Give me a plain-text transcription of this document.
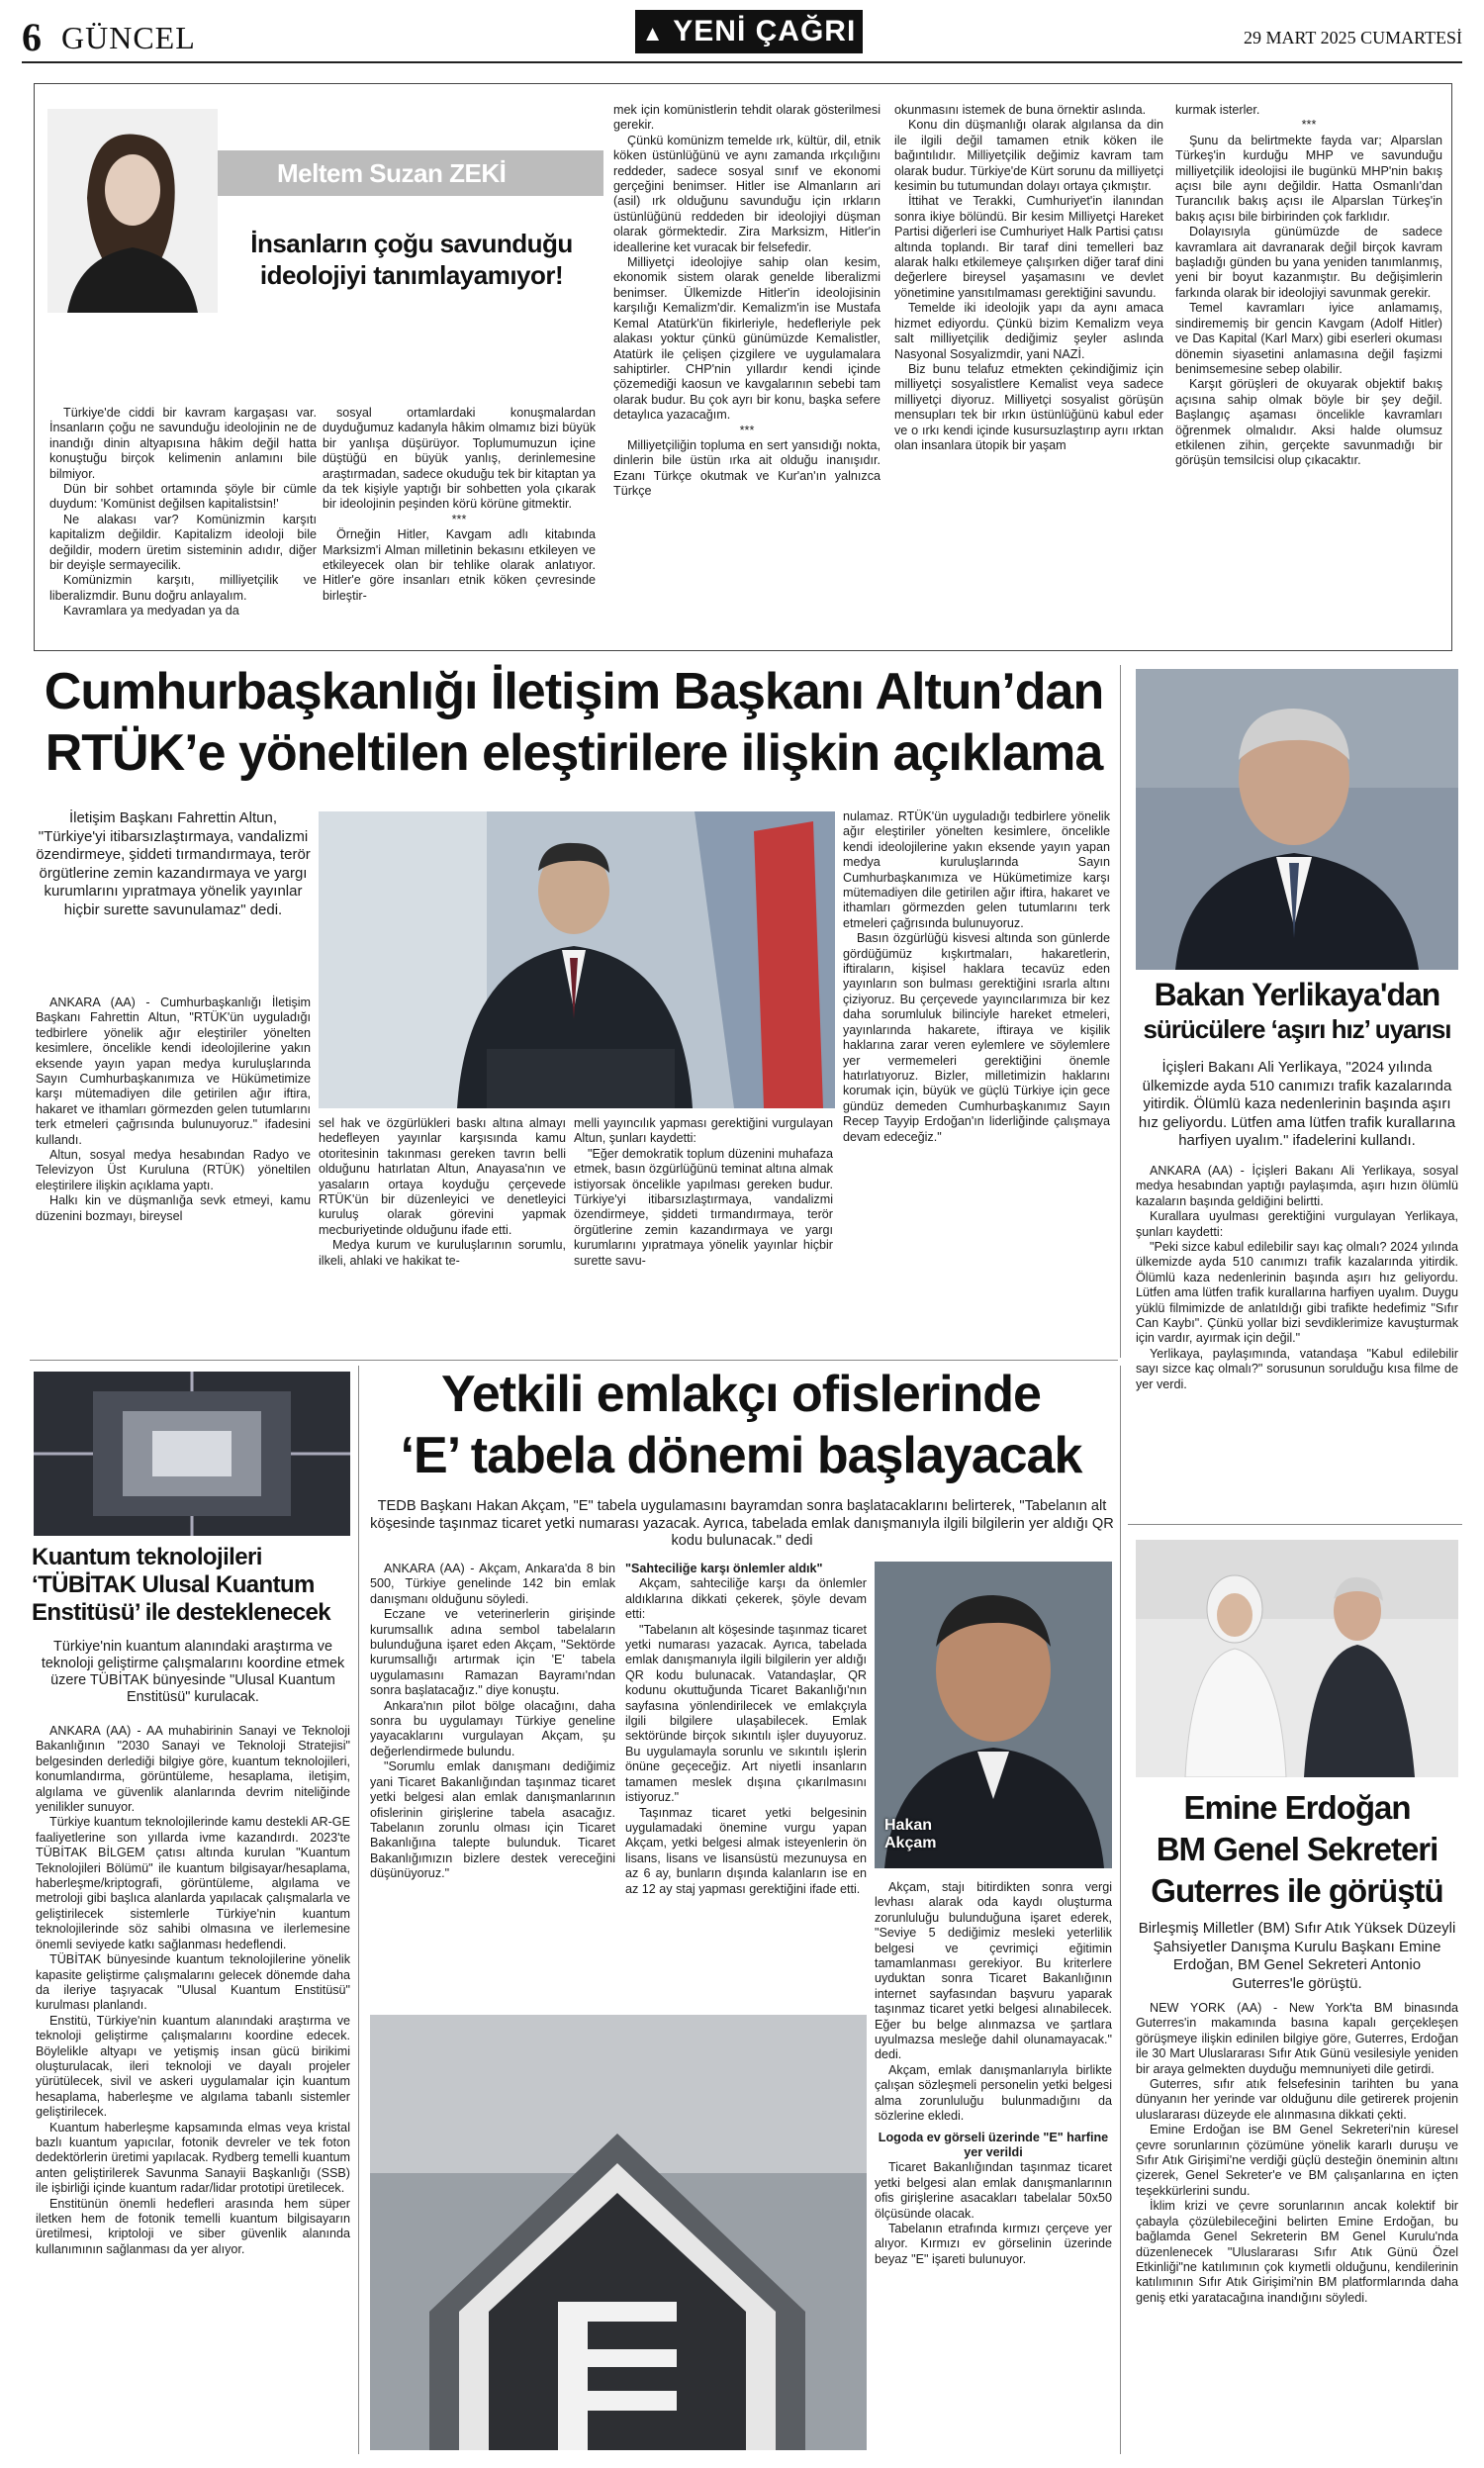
6 GÜNCEL	▲ YENİ ÇAĞRI	29 MART 2025 CUMARTESİ
Meltem Suzan ZEKİ
İnsanların çoğu savunduğu ideolojiyi tanımlayamıyor!

Türkiye'de ciddi bir kavram kargaşası var. İnsanların çoğu ne savunduğu ideolojinin ne de inandığı dinin altyapısına hâkim değil hatta konuştuğu birçok kelimenin anlamını bile bilmiyor.

Dün bir sohbet ortamında şöyle bir cümle duydum: 'Komünist değilsen kapitalistsin!'

Ne alakası var? Komünizmin karşıtı kapitalizm değildir. Kapitalizm ideoloji bile değildir, modern üretim sisteminin adıdır, diğer bir deyişle sermayecilik.

Komünizmin karşıtı, milliyetçilik ve liberalizmdir. Bunu doğru anlayalım.

Kavramlara ya medyadan ya da

sosyal ortamlardaki konuşmalardan duyduğumuz kadanyla hâkim olmamız bizi büyük bir yanlışa düşürüyor. Toplumumuzun içine düştüğü en büyük yanlış, derinlemesine araştırmadan, sadece okuduğu tek bir kitaptan ya da tek kişiyle yaptığı bir sohbetten yola çıkarak bir ideolojinin peşinden körü körüne gitmektir.

***

Örneğin Hitler, Kavgam adlı kitabında Marksizm'i Alman milletinin bekasını etkileyen ve etkileyecek olan bir tehlike olarak anlatıyor. Hitler'e göre insanları etnik köken çevresinde birleştir-

mek için komünistlerin tehdit olarak gösterilmesi gerekir.

Çünkü komünizm temelde ırk, kültür, dil, etnik köken üstünlüğünü ve aynı zamanda ırkçılığını reddeder, sadece sosyal sınıf ve ekonomi gerçeğini benimser. Hitler ise Almanların ari (asil) ırk olduğunu savunduğu için ırkların üstünlüğünü reddeden bir ideolojiyi düşman olarak görmektedir. Zira Marksizm, Hitler'in ideallerine ket vuracak bir felsefedir.

Milliyetçi ideolojiye sahip olan kesim, ekonomik sistem olarak genelde liberalizmi benimser. Ülkemizde Hitler'in ideolojisinin karşılığı Kemalizm'dir. Kemalizm'in ise Mustafa Kemal Atatürk'ün fikirleriyle, hedefleriyle pek alakası yoktur çünkü günümüzde Kemalistler, Atatürk ile çelişen çizgilere ve uygulamalara sahiptirler. CHP'nin yıllardır kendi içinde çözemediği kaosun ve kavgalarının sebebi tam olarak budur. Bu çok ayrı bir konu, başka sefere detaylıca yazacağım.

***

Milliyetçiliğin topluma en sert yansıdığı nokta, dinlerin bile üstün ırka ait olduğu inanışıdır. Ezanı Türkçe okutmak ve Kur'an'ın yalnızca Türkçe

okunmasını istemek de buna örnektir aslında.

Konu din düşmanlığı olarak algılansa da din ile ilgili değil tamamen etnik köken ile bağıntılıdır. Milliyetçilik değimiz kavram tam olarak budur. Türkiye'de Kürt sorunu da milliyetçi kesimin bu tutumundan dolayı ortaya çıkmıştır.

İttihat ve Terakki, Cumhuriyet'in ilanından sonra ikiye bölündü. Bir kesim Milliyetçi Hareket Partisi diğerleri ise Cumhuriyet Halk Partisi çatısı altında toplandı. Bir taraf dini temelleri baz alarak halkı etkilemeye çalışırken diğer taraf dini değerlere bireysel yaşamasını ve devlet yönetimine yansıtılmaması gerektiğini savundu.

Temelde iki ideolojik yapı da aynı amaca hizmet ediyordu. Çünkü bizim Kemalizm veya salt milliyetçilik dediğimiz şeyler aslında Nasyonal Sosyalizmdir, yani NAZİ.

Biz bunu telafuz etmekten çekindiğimiz için milliyetçi sosyalistlere Kemalist veya sadece milliyetçi diyoruz. Milliyetçi sosyalist görüşün mensupları tek bir ırkın üstünlüğünü kabul eder ve o ırkı kendi içinde kusursuzlaştırıp ayrıı ırktan olan insanlara ütopik bir yaşam

kurmak isterler.

***

Şunu da belirtmekte fayda var; Alparslan Türkeş'in kurduğu MHP ve savunduğu milliyetçilik ideolojisi ile bugünkü MHP'nin bakış açısı bile aynı değildir. Hatta Osmanlı'dan Turancılık bakış açısı ile Alparslan Türkeş'in bakış açısı bile birbirinden çok farklıdır.

Dolayısıyla günümüzde de sadece kavramlara ait davranarak değil birçok kavram başladığı günden bu yana yeniden tanımlanmış, yeni bir boyut kazanmıştır. Bu değişimlerin farkında olarak bir ideolojiyi savunmak gerekir.

Temel kavramları iyice anlamamış, sindirememiş bir gencin Kavgam (Adolf Hitler) ve Das Kapital (Karl Marx) gibi eserleri okuması dönemin siyasetini anlamasına değil faşizmi benimsemesine sebep olabilir.

Karşıt görüşleri de okuyarak objektif bakış açısına sahip olmak böyle bir şey değil. Başlangıç aşaması öncelikle kavramları öğrenmek olmalıdır. Aksi halde olumsuz etkilenen zihin, gerçekte savunmadığı bir görüşün temsilcisi olup çıkacaktır.

Cumhurbaşkanlığı İletişim Başkanı Altun’dan
RTÜK’e yöneltilen eleştirilere ilişkin açıklama
İletişim Başkanı Fahrettin Altun, "Türkiye'yi itibarsızlaştırmaya, vandalizmi özendirmeye, şiddeti tırmandırmaya, terör örgütlerine zemin kazandırmaya ve yargı kurumlarını yıpratmaya yönelik yayınlar hiçbir surette savunulamaz" dedi.

ANKARA (AA) - Cumhurbaşkanlığı İletişim Başkanı Fahrettin Altun, "RTÜK'ün uyguladığı tedbirlere yönelik ağır eleştiriler yönelten kesimlere, öncelikle kendi ideolojilerine yakın eksende yayın yapan medya kuruluşlarında Sayın Cumhurbaşkanımıza ve Hükümetimize karşı mütemadiyen dile getirilen ağır iftira, hakaret ve ithamları görmezden gelen tutumlarını terk etmeleri çağrısında bulunuyoruz." ifadesini kullandı.

Altun, sosyal medya hesabından Radyo ve Televizyon Üst Kuruluna (RTÜK) yöneltilen eleştirilere ilişkin açıklama yaptı.

Halkı kin ve düşmanlığa sevk etmeyi, kamu düzenini bozmayı, bireysel

sel hak ve özgürlükleri baskı altına almayı hedefleyen yayınlar karşısında kamu otoritesinin takınması gereken tavrın belli olduğunu hatırlatan Altun, Anayasa'nın ve yasaların ortaya koyduğu çerçevede RTÜK'ün bir düzenleyici ve denetleyici kuruluş olarak görevini yapmak mecburiyetinde olduğunu ifade etti.

Medya kurum ve kuruluşlarının sorumlu, ilkeli, ahlaki ve hakikat te-

melli yayıncılık yapması gerektiğini vurgulayan Altun, şunları kaydetti:

"Eğer demokratik toplum düzenini muhafaza etmek, basın özgürlüğünü teminat altına almak istiyorsak öncelikle yapılması gereken budur. Türkiye'yi itibarsızlaştırmaya, vandalizmi özendirmeye, şiddeti tırmandırmaya, terör örgütlerine zemin kazandırmaya ve yargı kurumlarını yıpratmaya yönelik yayınlar hiçbir surette savu-

nulamaz. RTÜK'ün uyguladığı tedbirlere yönelik ağır eleştiriler yönelten kesimlere, öncelikle kendi ideolojilerine yakın eksende yayın yapan medya kuruluşlarında Sayın Cumhurbaşkanımıza ve Hükümetimize karşı mütemadiyen dile getirilen ağır iftira, hakaret ve ithamları görmezden gelen tutumlarını terk etmeleri çağrısında bulunuyoruz.

Basın özgürlüğü kisvesi altında son günlerde gördüğümüz kışkırtmaları, hakaretlerin, iftiraların, kişisel haklara tecavüz eden yayınların son bulması gerektiğini ısrarla altını çiziyoruz. Bu çerçevede yayıncılarımıza bir kez daha sorumluluk bilinciyle hareket etmeleri, yayınlarında hakarete, iftiraya ve kişilik haklarına zarar veren eylemlere ve söylemlere yer vermemeleri gerektiğini önemle hatırlatıyoruz. Bizler, milletimizin haklarını korumak için, büyük ve güçlü Türkiye için gece gündüz demeden Cumhurbaşkanımız Sayın Recep Tayyip Erdoğan'ın liderliğinde çalışmaya devam edeceğiz."

Bakan Yerlikaya'dan
sürücülere ‘aşırı hız’ uyarısı
İçişleri Bakanı Ali Yerlikaya, "2024 yılında ülkemizde ayda 510 canımızı trafik kazalarında yitirdik. Ölümlü kaza nedenlerinin başında aşırı hız geliyordu. Lütfen ama lütfen trafik kurallarına harfiyen uyalım." ifadelerini kullandı.

ANKARA (AA) - İçişleri Bakanı Ali Yerlikaya, sosyal medya hesabından yaptığı paylaşımda, aşırı hızın ölümlü kazaların başında geldiğini belirtti.

Kurallara uyulması gerektiğini vurgulayan Yerlikaya, şunları kaydetti:

"Peki sizce kabul edilebilir sayı kaç olmalı? 2024 yılında ülkemizde ayda 510 canımızı trafik kazalarında yitirdik. Ölümlü kaza nedenlerinin başında aşırı hız geliyordu. Lütfen ama lütfen trafik kurallarına harfiyen uyalım. Duygu yüklü filmimizde de anlatıldığı gibi trafikte hedefimiz "Sıfır Can Kaybı". Çünkü yollar bizi sevdiklerimize kavuşturmak için vardır, ayırmak için değil."

Yerlikaya, paylaşımında, vatandaşa "Kabul edilebilir sayı sizce kaç olmalı?" sorusunun sorulduğu kısa filme de yer verdi.

Kuantum teknolojileri
‘TÜBİTAK Ulusal Kuantum
Enstitüsü’ ile desteklenecek
Türkiye'nin kuantum alanındaki araştırma ve teknoloji geliştirme çalışmalarını koordine etmek üzere TÜBİTAK bünyesinde "Ulusal Kuantum Enstitüsü" kurulacak.

ANKARA (AA) - AA muhabirinin Sanayi ve Teknoloji Bakanlığının "2030 Sanayi ve Teknoloji Stratejisi" belgesinden derlediği bilgiye göre, kuantum teknolojileri, konumlandırma, görüntüleme, hesaplama, iletişim, algılama ve güvenlik alanlarında devrim niteliğinde yenilikler sunuyor.

Türkiye kuantum teknolojilerinde kamu destekli AR-GE faaliyetlerine son yıllarda ivme kazandırdı. 2023'te TÜBİTAK BİLGEM çatısı altında kurulan "Kuantum Teknolojileri Bölümü" ile kuantum bilgisayar/hesaplama, haberleşme/kriptografi, görüntüleme, algılama ve metroloji gibi başlıca alanlarda yapılacak çalışmalarla ve geliştirilecek sistemlerle Türkiye'nin kuantum teknolojilerinde söz sahibi olmasına ve ilerlemesine önemli seviyede katkı sağlanması hedeflendi.

TÜBİTAK bünyesinde kuantum teknolojilerine yönelik kapasite geliştirme çalışmalarını gelecek dönemde daha da ileriye taşıyacak "Ulusal Kuantum Enstitüsü" kurulması planlandı.

Enstitü, Türkiye'nin kuantum alanındaki araştırma ve teknoloji geliştirme çalışmalarını koordine edecek. Böylelikle altyapı ve yetişmiş insan gücü birikimi oluşturulacak, ileri teknoloji ve dayalı projeler yürütülecek, sivil ve askeri uygulamalar için kuantum hesaplama, haberleşme ve algılama tabanlı sistemler geliştirilecek.

Kuantum haberleşme kapsamında elmas veya kristal bazlı kuantum yapıcılar, fotonik devreler ve tek foton dedektörlerin üretimi yapılacak. Rydberg temelli kuantum anten geliştirilerek Savunma Sanayii Başkanlığı (SSB) ile işbirliği içinde kuantum radar/lidar prototipi üretilecek.

Enstitünün önemli hedefleri arasında hem süper iletken hem de fotonik temelli kuantum bilgisayarın üretilmesi, kriptoloji ve siber güvenlik alanında kullanımının sağlanması da yer alıyor.

Yetkili emlakçı ofislerinde
‘E’ tabela dönemi başlayacak
TEDB Başkanı Hakan Akçam, "E" tabela uygulamasını bayramdan sonra başlatacaklarını belirterek, "Tabelanın alt köşesinde taşınmaz ticaret yetki numarası yazacak. Ayrıca, tabelada emlak danışmanıyla ilgili bilgilerin yer aldığı QR kodu bulunacak." dedi

ANKARA (AA) - Akçam, Ankara'da 8 bin 500, Türkiye genelinde 142 bin emlak danışmanı olduğunu söyledi.

Eczane ve veterinerlerin girişinde kurumsallık adına sembol tabelaların bulunduğuna işaret eden Akçam, "Sektörde kurumsallığı artırmak için 'E' tabela uygulamasını Ramazan Bayramı'ndan sonra başlatacağız." diye konuştu.

Ankara'nın pilot bölge olacağını, daha sonra bu uygulamayı Türkiye geneline yayacaklarını vurgulayan Akçam, şu değerlendirmede bulundu.

"Sorumlu emlak danışmanı dediğimiz yani Ticaret Bakanlığından taşınmaz ticaret yetki belgesi alan emlak danışmanlarının ofislerinin girişlerine tabela asacağız. Tabelanın zorunlu olması için Ticaret Bakanlığına talepte bulunduk. Ticaret Bakanlığımızın bizlere destek vereceğini düşünüyoruz."

"Sahteciliğe karşı önlemler aldık"

Akçam, sahteciliğe karşı da önlemler aldıklarına dikkati çekerek, şöyle devam etti:

"Tabelanın alt köşesinde taşınmaz ticaret yetki numarası yazacak. Ayrıca, tabelada emlak danışmanıyla ilgili bilgilerin yer aldığı QR kodu bulunacak. Vatandaşlar, QR kodunu okuttuğunda Ticaret Bakanlığı'nın sayfasına yönlendirilecek ve emlakçıyla ilgili bilgilere ulaşabilecek. Emlak sektöründe birçok sıkıntılı işler duyuyoruz. Bu uygulamayla sorunlu ve sıkıntılı işlerin önüne geçeceğiz. Art niyetli insanların tamamen meslek dışına çıkarılmasını istiyoruz."

Taşınmaz ticaret yetki belgesinin uygulamadaki önemine vurgu yapan Akçam, yetki belgesi almak isteyenlerin ön lisans, lisans ve lisansüstü mezunuysa en az 6 ay, bunların dışında kalanların ise en az 12 ay staj yapması gerektiğini ifade etti.

Hakan Akçam

Akçam, stajı bitirdikten sonra vergi levhası alarak oda kaydı oluşturma zorunluluğu bulunduğuna işaret ederek, "Seviye 5 dediğimiz mesleki yeterlilik belgesi ve çevrimiçi eğitimin tamamlanması gerekiyor. Bu kriterlere uyduktan sonra Ticaret Bakanlığının internet sayfasından başvuru yaparak taşınmaz ticaret yetki belgesi alınabilecek. Eğer bu belge alınmazsa ve şartlara uyulmazsa mesleğe dahil olunamayacak." dedi.

Akçam, emlak danışmanlarıyla birlikte çalışan sözleşmeli personelin yetki belgesi alma zorunluluğu bulunmadığını da sözlerine ekledi.

Logoda ev görseli üzerinde "E" harfine yer verildi

Ticaret Bakanlığından taşınmaz ticaret yetki belgesi alan emlak danışmanlarının ofis girişlerine asacakları tabelalar 50x50 ölçüsünde olacak.

Tabelanın etrafında kırmızı çerçeve yer alıyor. Kırmızı ev görselinin üzerinde beyaz "E" işareti bulunuyor.

Emine Erdoğan
BM Genel Sekreteri
Guterres ile görüştü
Birleşmiş Milletler (BM) Sıfır Atık Yüksek Düzeyli Şahsiyetler Danışma Kurulu Başkanı Emine Erdoğan, BM Genel Sekreteri Antonio Guterres'le görüştü.

NEW YORK (AA) - New York'ta BM binasında Guterres'in makamında basına kapalı gerçekleşen görüşmeye ilişkin edinilen bilgiye göre, Guterres, Erdoğan ile 30 Mart Uluslararası Sıfır Atık Günü vesilesiyle yeniden bir araya gelmekten duyduğu memnuniyeti dile getirdi.

Guterres, sıfır atık felsefesinin tarihten bu yana dünyanın her yerinde var olduğunu dile getirerek projenin uluslararası düzeyde ele alınmasına dikkati çekti.

Emine Erdoğan ise BM Genel Sekreteri'nin küresel çevre sorunlarının çözümüne yönelik kararlı duruşu ve Sıfır Atık Girişimi'ne verdiği güçlü desteğin öneminin altını çizerek, Genel Sekreter'e ve BM çalışanlarına en içten teşekkürlerini sundu.

İklim krizi ve çevre sorunlarının ancak kolektif bir çabayla çözülebileceğini belirten Emine Erdoğan, bu bağlamda Genel Sekreterin BM Genel Kurulu'nda düzenlenecek "Uluslararası Sıfır Atık Günü Özel Etkinliği"ne katılımının çok kıymetli olduğunu, kendilerinin katılımının Sıfır Atık Girişimi'nin BM platformlarında daha geniş etki yaratacağına inandığını söyledi.
